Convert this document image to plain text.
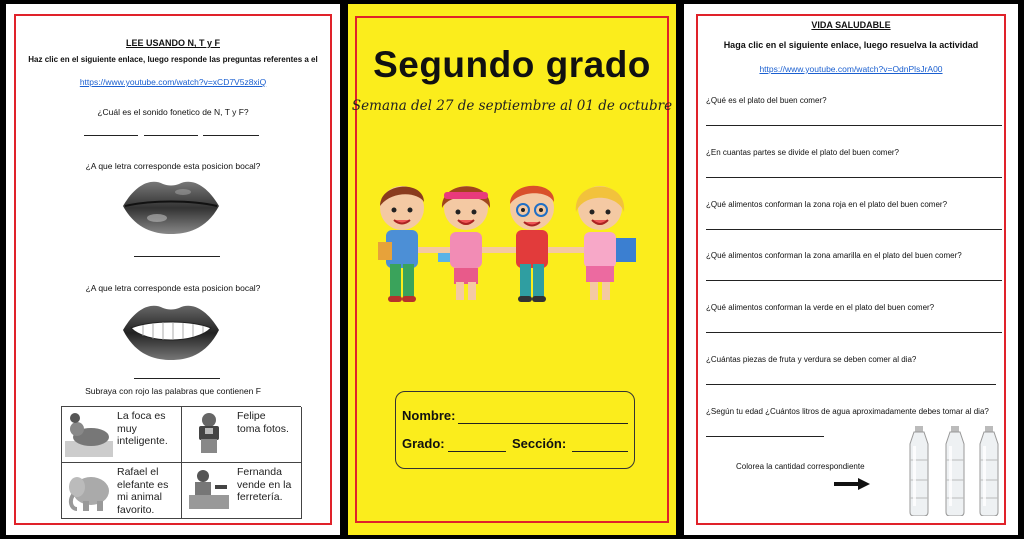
LEE USANDO N, T y F
Haz clic en el siguiente enlace, luego responde las preguntas referentes a el
https://www.youtube.com/watch?v=xCD7V5z8xiQ
¿Cuál es el sonido fonetico de N, T y F?
¿A que letra corresponde esta posicion bocal?
¿A que letra corresponde esta posicion bocal?
Subraya con rojo las palabras que contienen F
La foca es
muy
inteligente.
Felipe
toma fotos.
Rafael el
elefante es
mi animal
favorito.
Fernanda
vende en la
ferretería.
Segundo grado
Semana del 27 de septiembre al 01 de octubre
Nombre:
Grado:	Sección:
VIDA SALUDABLE
Haga clic en el siguiente enlace, luego resuelva la actividad
https://www.youtube.com/watch?v=OdnPlsJrA00
¿Qué es el plato del buen comer?
¿En cuantas partes se divide el plato del buen comer?
¿Qué alimentos conforman la zona roja en el plato del buen comer?
¿Qué alimentos conforman la zona amarilla en el plato del buen comer?
¿Qué alimentos conforman la verde en el plato del buen comer?
¿Cuántas piezas de fruta y verdura se deben comer al dia?
¿Según tu edad ¿Cuántos litros de agua aproximadamente debes tomar al dia?
Colorea la cantidad correspondiente
